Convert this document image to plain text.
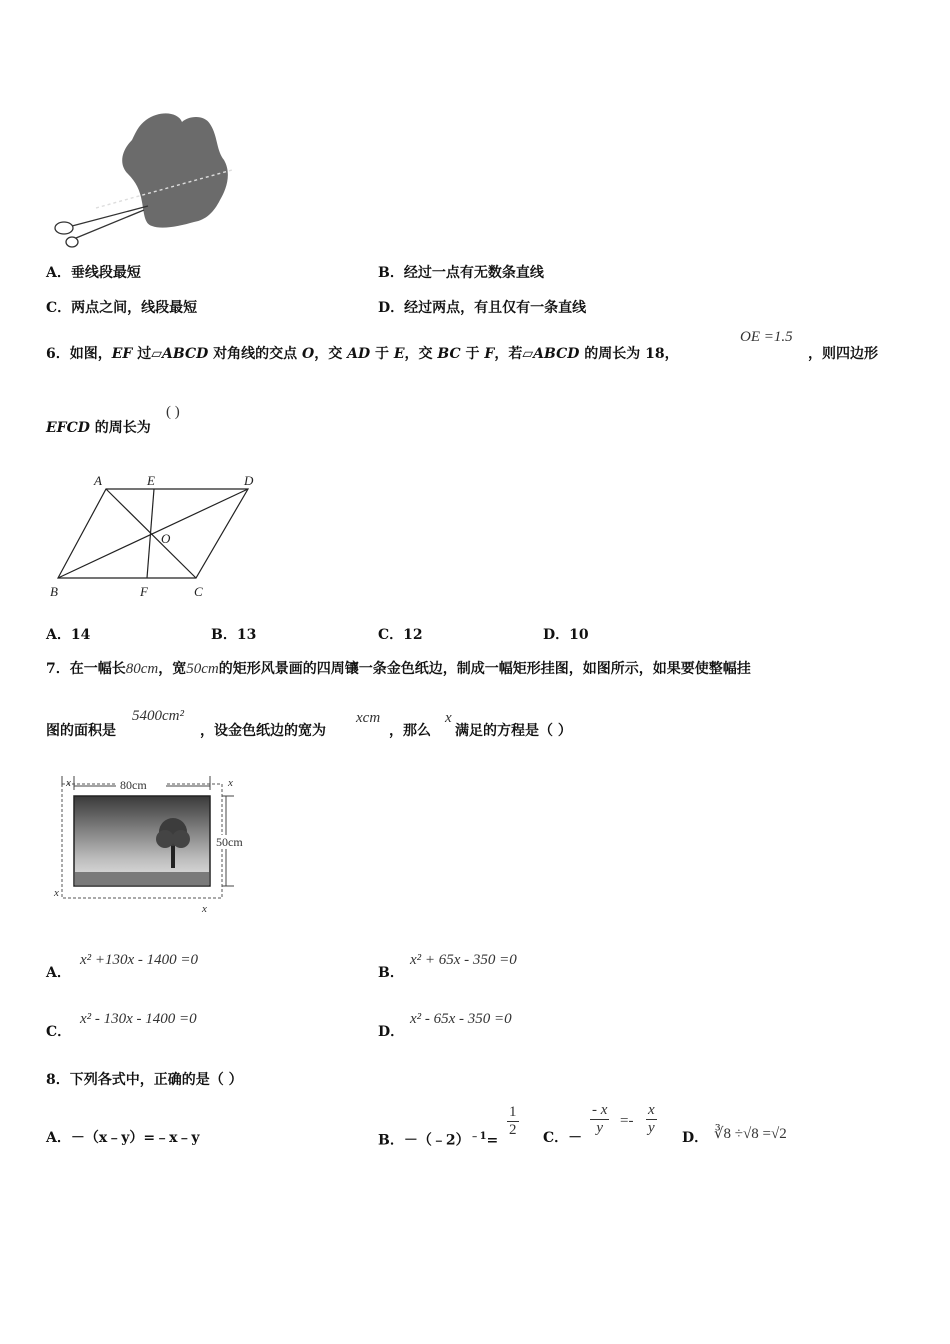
A．垂线段最短	B．经过一点有无数条直线
C．两点之间，线段最短	D．经过两点，有且仅有一条直线
6．如图，EF 过▱ABCD 对角线的交点 O，交 AD 于 E，交 BC 于 F，若▱ABCD 的周长为 18，
OE =1.5
，则四边形
EFCD 的周长为
( )
A	E	D
O
B	F	C
A．14	B．13	C．12	D．10
7．在一幅长80cm，宽50cm的矩形风景画的四周镶一条金色纸边，制成一幅矩形挂图，如图所示，如果要使整幅挂
图的面积是
5400cm²
，设金色纸边的宽为
xcm
，那么
x
满足的方程是（ ）
80cm
50cm
x	x
x
x
A．
x² +130x - 1400 =0
B．
x² + 65x - 350 =0
C．
x² - 130x - 1400 =0
D．
x² - 65x - 350 =0
8．下列各式中，正确的是（ ）
A．－（x﹣y）=﹣x﹣y	B．－（﹣2）$^{﹣1}$=
$\frac{1}{2}$ C．－
$\frac{- x}{y} =- \frac{x}{y}$
D． ∛8 ÷√8 =√2
